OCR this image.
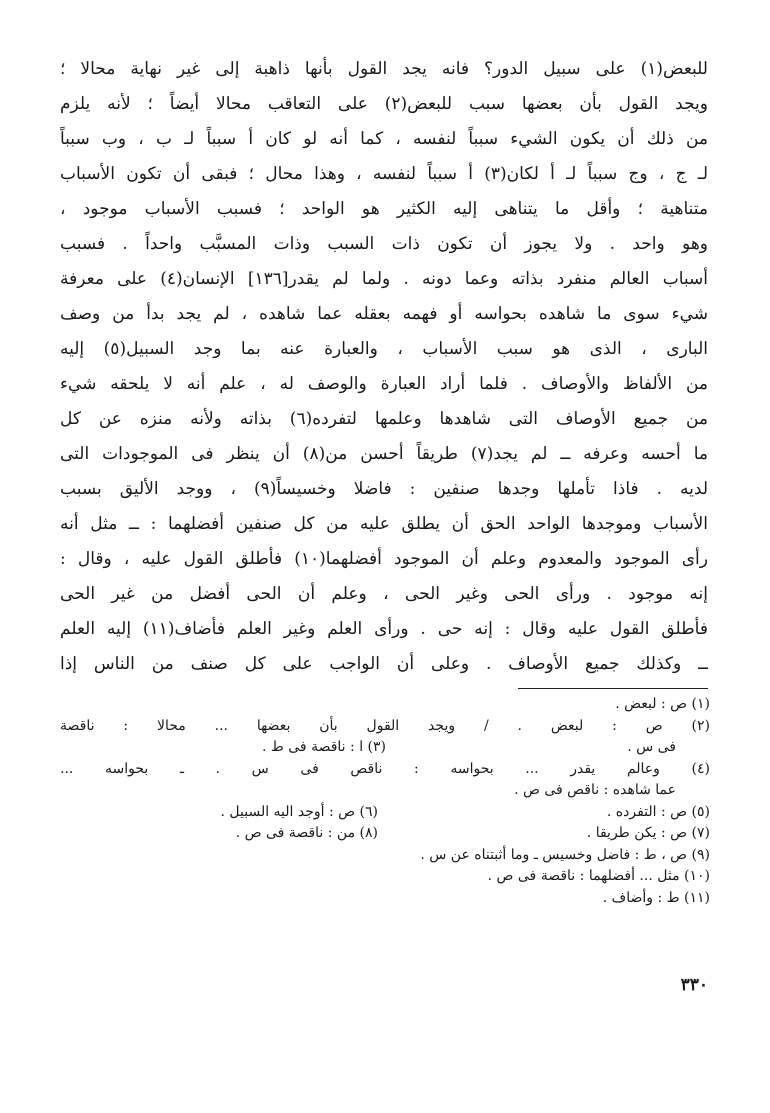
للبعض(١) على سبيل الدور؟ فانه يجد القول بأنها ذاهبة إلى غير نهاية محالا ؛
ويجد القول بأن بعضها سبب للبعض(٢) على التعاقب محالا أيضاً ؛ لأنه يلزم
من ذلك أن يكون الشيء سبباً لنفسه ، كما أنه لو كان أ سبباً لـ ب ، وب سبباً
لـ ج ، وج سبباً لـ أ لكان(٣) أ سبباً لنفسه ، وهذا محال ؛ فبقى أن تكون الأسباب
متناهية ؛ وأقل ما يتناهى إليه الكثير هو الواحد ؛ فسبب الأسباب موجود ،
وهو واحد . ولا يجوز أن تكون ذات السبب وذات المسبَّب واحداً . فسبب
أسباب العالم منفرد بذاته وعما دونه . ولما لم يقدر[١٣٦] الإنسان(٤) على معرفة
شيء سوى ما شاهده بحواسه أو فهمه بعقله عما شاهده ، لم يجد بدأ من وصف
البارى ، الذى هو سبب الأسباب ، والعبارة عنه بما وجد السبيل(٥) إليه
من الألفاظ والأوصاف . فلما أراد العبارة والوصف له ، علم أنه لا يلحقه شيء
من جميع الأوصاف التى شاهدها وعلمها لتفرده(٦) بذاته ولأنه منزه عن كل
ما أحسه وعرفه ــ لم يجد(٧) طريقاً أحسن من(٨) أن ينظر فى الموجودات التى
لديه . فاذا تأملها وجدها صنفين : فاضلا وخسيساً(٩) ، ووجد الأليق بسبب
الأسباب وموجدها الواحد الحق أن يطلق عليه من كل صنفين أفضلهما : ــ مثل أنه
رأى الموجود والمعدوم وعلم أن الموجود أفضلهما(١٠) فأطلق القول عليه ، وقال :
إنه موجود . ورأى الحى وغير الحى ، وعلم أن الحى أفضل من غير الحى
فأطلق القول عليه وقال : إنه حى . ورأى العلم وغير العلم فأضاف(١١) إليه العلم
ــ وكذلك جميع الأوصاف . وعلى أن الواجب على كل صنف من الناس إذا
(١) ص : لبعض .
(٢) ص : لبعض . / ويجد القول بأن بعضها ... محالا : ناقصة
فى س .
(٣) ا : ناقصة فى ط .
(٤) وعالم يقدر ... بحواسه : ناقص فى س . ـ بحواسه ...
عما شاهده : ناقص فى ص .
(٥) ص : التفرده .
(٦) ص : أوجد اليه السبيل .
(٧) ص : يكن طريقا .
(٨) من : ناقصة فى ص .
(٩) ص ، ط : فاضل وخسيس ـ وما أثبتناه عن س .
(١٠) مثل ... أفضلهما : ناقصة فى ص .
(١١) ط : وأضاف .
٣٣٠
